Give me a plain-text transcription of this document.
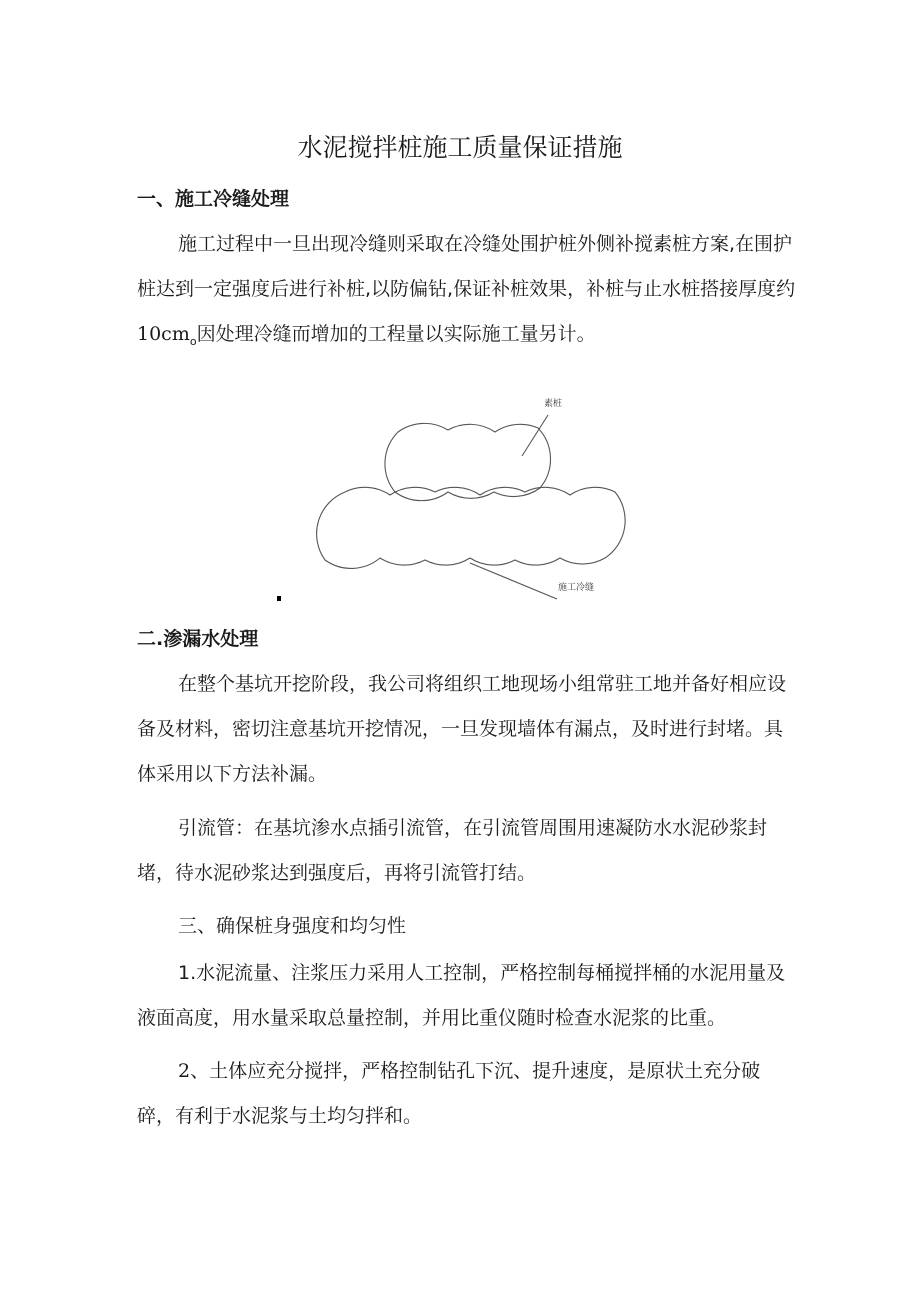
水泥搅拌桩施工质量保证措施
一、施工冷缝处理

施工过程中一旦出现冷缝则采取在冷缝处围护桩外侧补搅素桩方案,在围护桩达到一定强度后进行补桩,以防偏钻,保证补桩效果，补桩与止水桩搭接厚度约$10cm_o$因处理冷缝而增加的工程量以实际施工量另计。

素桩
施工冷缝
二.渗漏水处理

在整个基坑开挖阶段，我公司将组织工地现场小组常驻工地并备好相应设备及材料，密切注意基坑开挖情况，一旦发现墙体有漏点，及时进行封堵。具体采用以下方法补漏。

引流管：在基坑渗水点插引流管，在引流管周围用速凝防水水泥砂浆封堵，待水泥砂浆达到强度后，再将引流管打结。

三、确保桩身强度和均匀性

1.水泥流量、注浆压力采用人工控制，严格控制每桶搅拌桶的水泥用量及液面高度，用水量采取总量控制，并用比重仪随时检查水泥浆的比重。

2、土体应充分搅拌，严格控制钻孔下沉、提升速度，是原状土充分破碎，有利于水泥浆与土均匀拌和。
